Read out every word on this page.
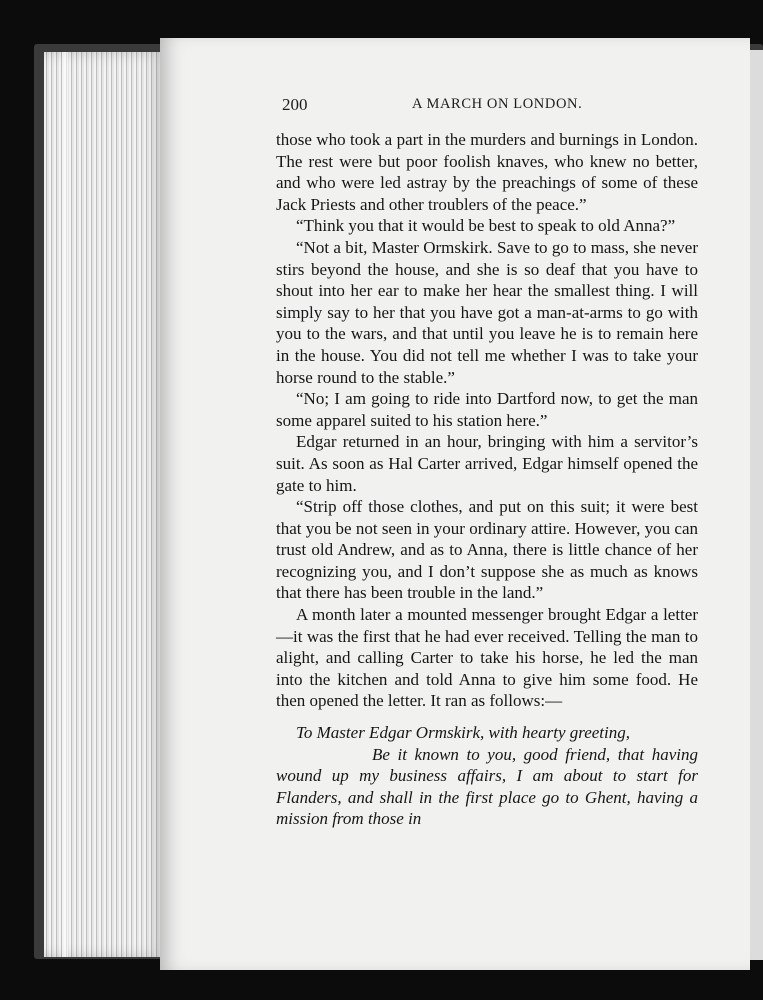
200	A MARCH ON LONDON.

those who took a part in the murders and burnings in London. The rest were but poor foolish knaves, who knew no better, and who were led astray by the preachings of some of these Jack Priests and other troublers of the peace.”

“Think you that it would be best to speak to old Anna?”

“Not a bit, Master Ormskirk. Save to go to mass, she never stirs beyond the house, and she is so deaf that you have to shout into her ear to make her hear the smallest thing. I will simply say to her that you have got a man-at-arms to go with you to the wars, and that until you leave he is to remain here in the house. You did not tell me whether I was to take your horse round to the stable.”

“No; I am going to ride into Dartford now, to get the man some apparel suited to his station here.”

Edgar returned in an hour, bringing with him a servitor’s suit. As soon as Hal Carter arrived, Edgar himself opened the gate to him.

“Strip off those clothes, and put on this suit; it were best that you be not seen in your ordinary attire. However, you can trust old Andrew, and as to Anna, there is little chance of her recognizing you, and I don’t suppose she as much as knows that there has been trouble in the land.”

A month later a mounted messenger brought Edgar a letter—it was the first that he had ever received. Telling the man to alight, and calling Carter to take his horse, he led the man into the kitchen and told Anna to give him some food. He then opened the letter. It ran as follows:—

To Master Edgar Ormskirk, with hearty greeting,

Be it known to you, good friend, that having wound up my business affairs, I am about to start for Flanders, and shall in the first place go to Ghent, having a mission from those in
